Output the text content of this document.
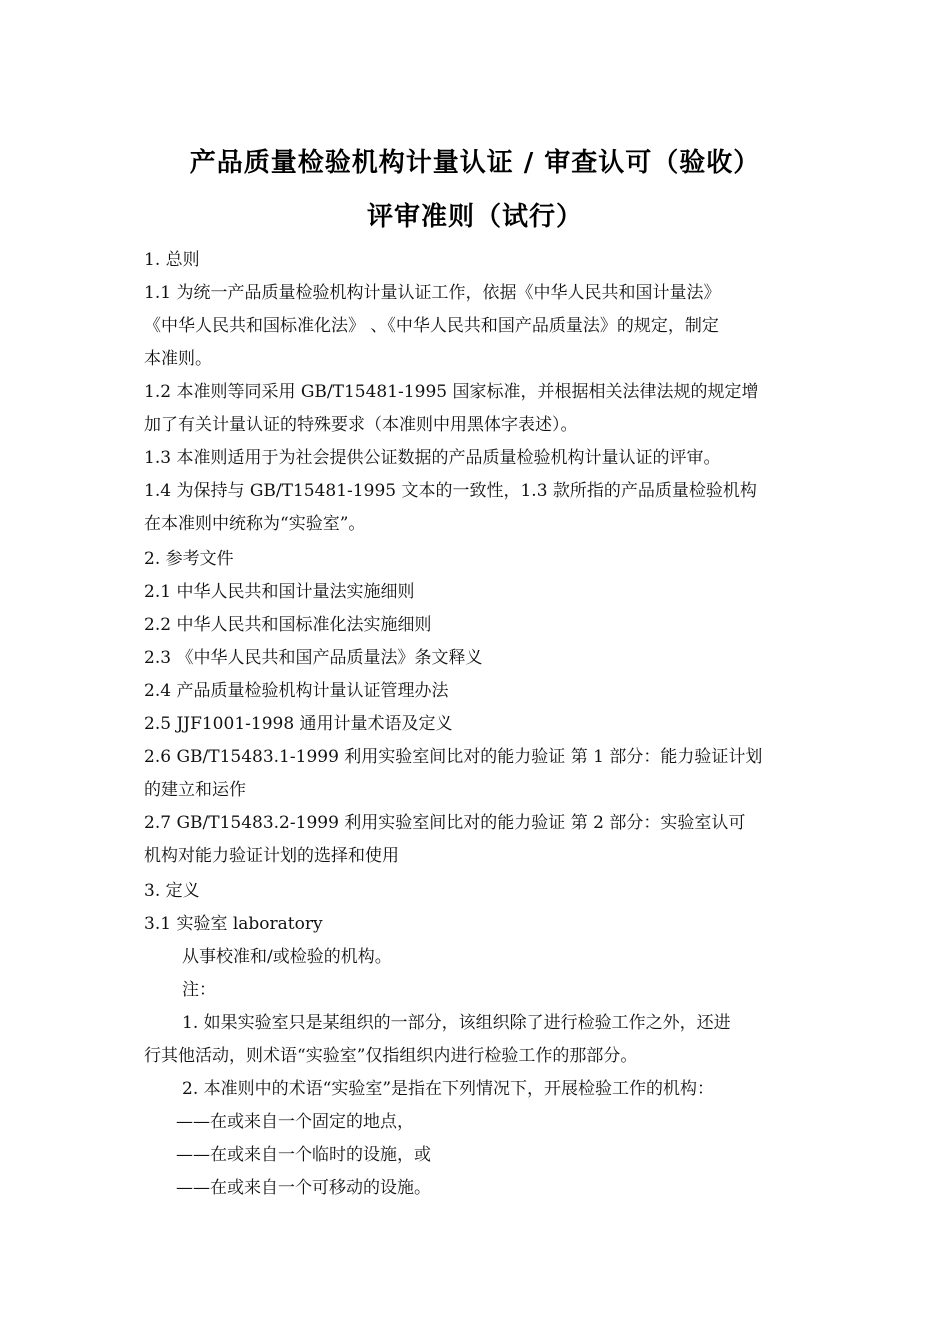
产品质量检验机构计量认证 / 审查认可（验收）
评审准则（试行）

1. 总则

1.1 为统一产品质量检验机构计量认证工作，依据《中华人民共和国计量法》

《中华人民共和国标准化法》 、《中华人民共和国产品质量法》的规定，制定

本准则。

1.2 本准则等同采用 GB/T15481-1995 国家标准，并根据相关法律法规的规定增

加了有关计量认证的特殊要求（本准则中用黑体字表述）。

1.3 本准则适用于为社会提供公证数据的产品质量检验机构计量认证的评审。

1.4 为保持与 GB/T15481-1995 文本的一致性，1.3 款所指的产品质量检验机构

在本准则中统称为“实验室”。

2. 参考文件

2.1 中华人民共和国计量法实施细则

2.2 中华人民共和国标准化法实施细则

2.3 《中华人民共和国产品质量法》条文释义

2.4 产品质量检验机构计量认证管理办法

2.5 JJF1001-1998 通用计量术语及定义

2.6 GB/T15483.1-1999 利用实验室间比对的能力验证 第 1 部分：能力验证计划

的建立和运作

2.7 GB/T15483.2-1999 利用实验室间比对的能力验证 第 2 部分：实验室认可

机构对能力验证计划的选择和使用

3. 定义

3.1 实验室 laboratory

从事校准和/或检验的机构。

注：

1. 如果实验室只是某组织的一部分，该组织除了进行检验工作之外，还进

行其他活动，则术语“实验室”仅指组织内进行检验工作的那部分。

2. 本准则中的术语“实验室”是指在下列情况下，开展检验工作的机构：

——在或来自一个固定的地点，

——在或来自一个临时的设施，或

——在或来自一个可移动的设施。
